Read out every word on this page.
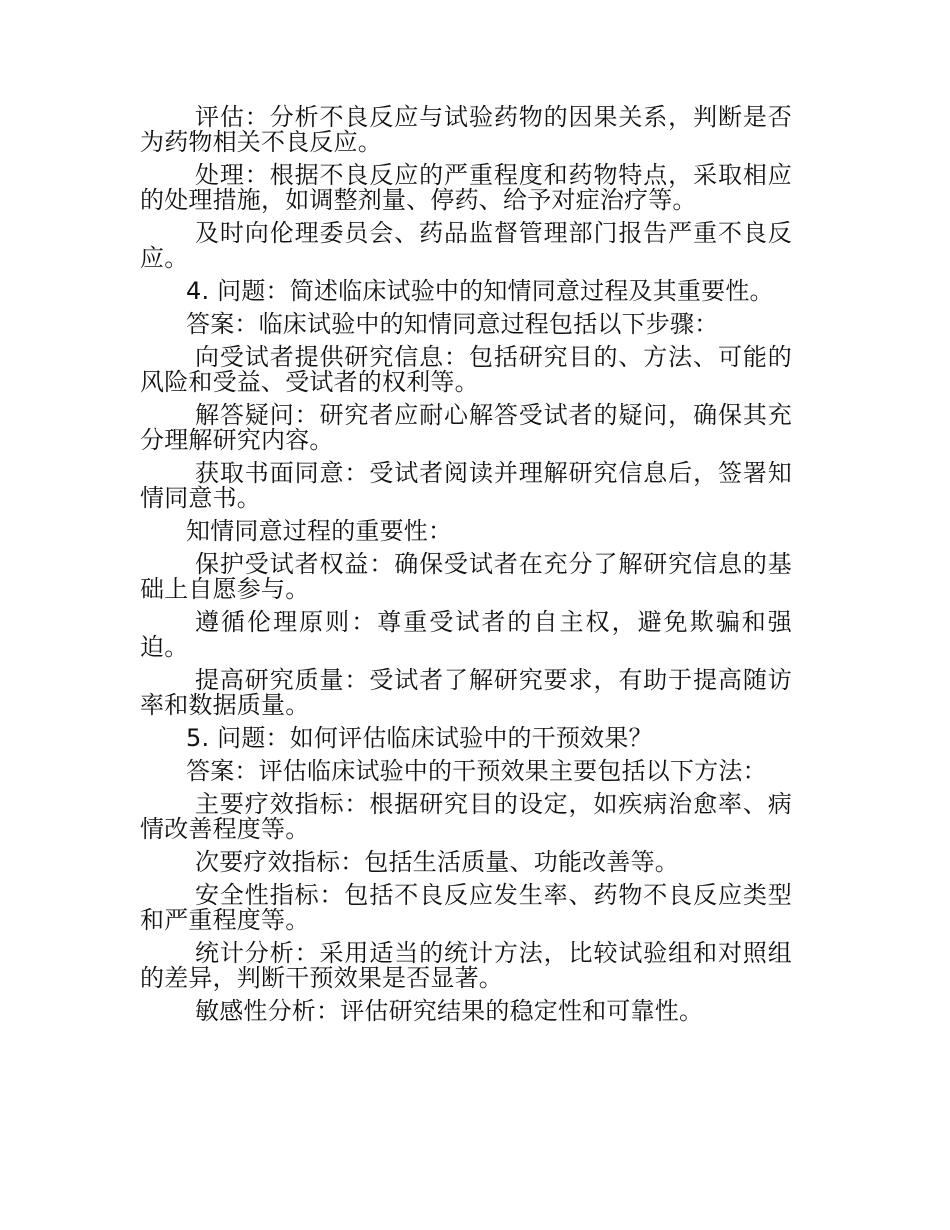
评估：分析不良反应与试验药物的因果关系，判断是否为药物相关不良反应。

处理：根据不良反应的严重程度和药物特点，采取相应的处理措施，如调整剂量、停药、给予对症治疗等。

及时向伦理委员会、药品监督管理部门报告严重不良反应。

4. 问题：简述临床试验中的知情同意过程及其重要性。

答案：临床试验中的知情同意过程包括以下步骤：

向受试者提供研究信息：包括研究目的、方法、可能的风险和受益、受试者的权利等。

解答疑问：研究者应耐心解答受试者的疑问，确保其充分理解研究内容。

获取书面同意：受试者阅读并理解研究信息后，签署知情同意书。

知情同意过程的重要性：

保护受试者权益：确保受试者在充分了解研究信息的基础上自愿参与。

遵循伦理原则：尊重受试者的自主权，避免欺骗和强迫。

提高研究质量：受试者了解研究要求，有助于提高随访率和数据质量。

5. 问题：如何评估临床试验中的干预效果？

答案：评估临床试验中的干预效果主要包括以下方法：

主要疗效指标：根据研究目的设定，如疾病治愈率、病情改善程度等。

次要疗效指标：包括生活质量、功能改善等。

安全性指标：包括不良反应发生率、药物不良反应类型和严重程度等。

统计分析：采用适当的统计方法，比较试验组和对照组的差异，判断干预效果是否显著。

敏感性分析：评估研究结果的稳定性和可靠性。
